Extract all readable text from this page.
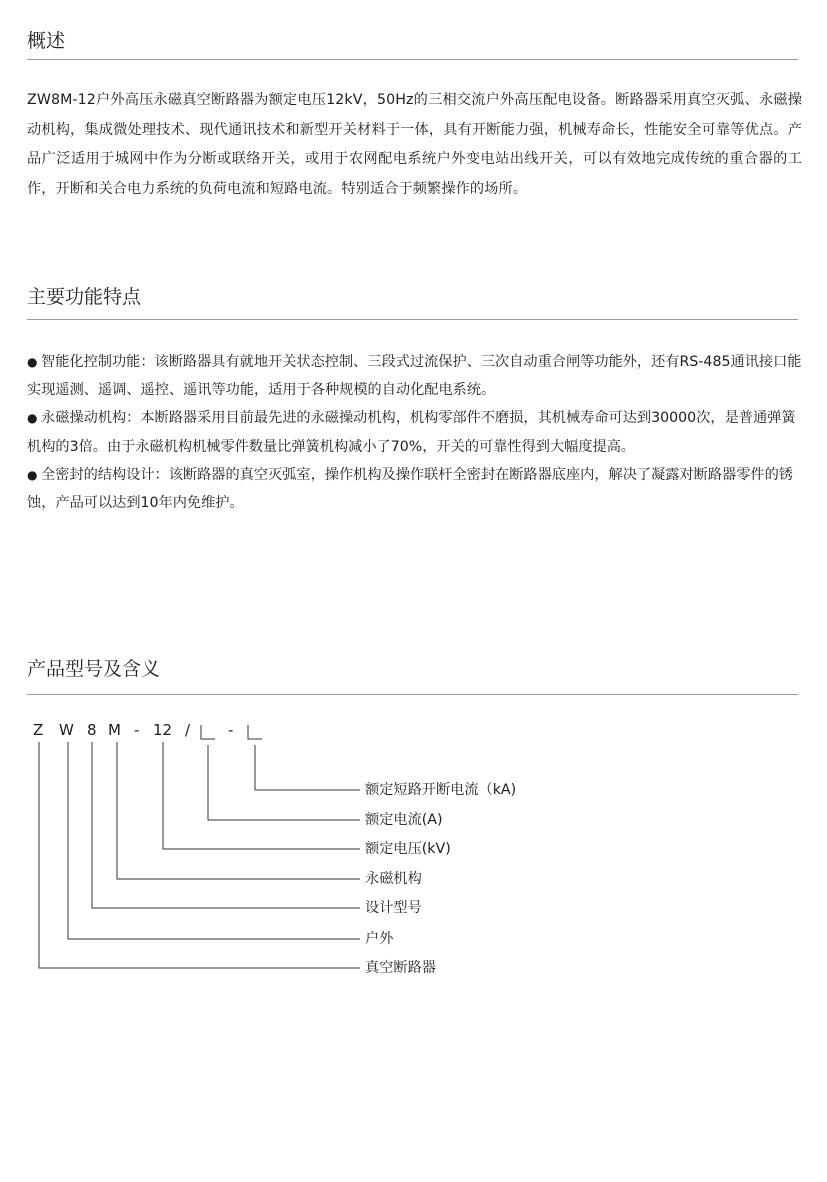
概述

ZW8M-12户外高压永磁真空断路器为额定电压12kV，50Hz的三相交流户外高压配电设备。断路器采用真空灭弧、永磁操动机构，集成微处理技术、现代通讯技术和新型开关材料于一体，具有开断能力强，机械寿命长，性能安全可靠等优点。产品广泛适用于城网中作为分断或联络开关，或用于农网配电系统户外变电站出线开关，可以有效地完成传统的重合器的工作，开断和关合电力系统的负荷电流和短路电流。特别适合于频繁操作的场所。

主要功能特点
● 智能化控制功能：该断路器具有就地开关状态控制、三段式过流保护、三次自动重合闸等功能外，还有RS-485通讯接口能实现遥测、遥调、遥控、遥讯等功能，适用于各种规模的自动化配电系统。
● 永磁操动机构：本断路器采用目前最先进的永磁操动机构，机构零部件不磨损，其机械寿命可达到30000次，是普通弹簧机构的3倍。由于永磁机构机械零件数量比弹簧机构减小了70%，开关的可靠性得到大幅度提高。
● 全密封的结构设计：该断路器的真空灭弧室，操作机构及操作联杆全密封在断路器底座内，解决了凝露对断路器零件的锈蚀，产品可以达到10年内免维护。
产品型号及含义
Z W 8 M - 12 /	-
额定短路开断电流（kA)
额定电流(A)
额定电压(kV)
永磁机构
设计型号
户外
真空断路器
